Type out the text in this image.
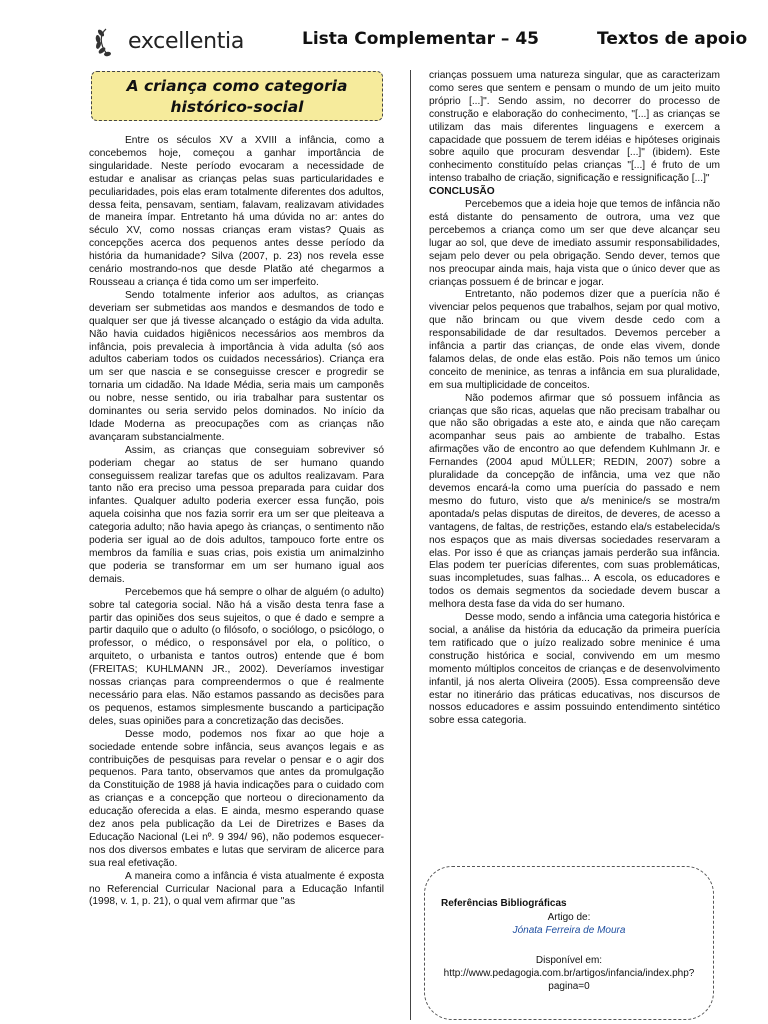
excellentia	Lista Complementar – 45	Textos de apoio
A criança como categoria
histórico-social

Entre os séculos XV a XVIII a infância, como a concebemos hoje, começou a ganhar importância de singularidade. Neste período evocaram a necessidade de estudar e analisar as crianças pelas suas particularidades e peculiaridades, pois elas eram totalmente diferentes dos adultos, dessa feita, pensavam, sentiam, falavam, realizavam atividades de maneira ímpar. Entretanto há uma dúvida no ar: antes do século XV, como nossas crianças eram vistas? Quais as concepções acerca dos pequenos antes desse período da história da humanidade? Silva (2007, p. 23) nos revela esse cenário mostrando-nos que desde Platão até chegarmos a Rousseau a criança é tida como um ser imperfeito.

Sendo totalmente inferior aos adultos, as crianças deveriam ser submetidas aos mandos e desmandos de todo e qualquer ser que já tivesse alcançado o estágio da vida adulta. Não havia cuidados higiênicos necessários aos membros da infância, pois prevalecia à importância à vida adulta (só aos adultos caberiam todos os cuidados necessários). Criança era um ser que nascia e se conseguisse crescer e progredir se tornaria um cidadão. Na Idade Média, seria mais um camponês ou nobre, nesse sentido, ou iria trabalhar para sustentar os dominantes ou seria servido pelos dominados. No início da Idade Moderna as preocupações com as crianças não avançaram substancialmente.

Assim, as crianças que conseguiam sobreviver só poderiam chegar ao status de ser humano quando conseguissem realizar tarefas que os adultos realizavam. Para tanto não era preciso uma pessoa preparada para cuidar dos infantes. Qualquer adulto poderia exercer essa função, pois aquela coisinha que nos fazia sorrir era um ser que pleiteava a categoria adulto; não havia apego às crianças, o sentimento não poderia ser igual ao de dois adultos, tampouco forte entre os membros da família e suas crias, pois existia um animalzinho que poderia se transformar em um ser humano igual aos demais.

Percebemos que há sempre o olhar de alguém (o adulto) sobre tal categoria social. Não há a visão desta tenra fase a partir das opiniões dos seus sujeitos, o que é dado e sempre a partir daquilo que o adulto (o filósofo, o sociólogo, o psicólogo, o professor, o médico, o responsável por ela, o político, o arquiteto, o urbanista e tantos outros) entende que é bom (FREITAS; KUHLMANN JR., 2002). Deveríamos investigar nossas crianças para compreendermos o que é realmente necessário para elas. Não estamos passando as decisões para os pequenos, estamos simplesmente buscando a participação deles, suas opiniões para a concretização das decisões.

Desse modo, podemos nos fixar ao que hoje a sociedade entende sobre infância, seus avanços legais e as contribuições de pesquisas para revelar o pensar e o agir dos pequenos. Para tanto, observamos que antes da promulgação da Constituição de 1988 já havia indicações para o cuidado com as crianças e a concepção que norteou o direcionamento da educação oferecida a elas. E ainda, mesmo esperando quase dez anos pela publicação da Lei de Diretrizes e Bases da Educação Nacional (Lei nº. 9 394/ 96), não podemos esquecer-nos dos diversos embates e lutas que serviram de alicerce para sua real efetivação.

A maneira como a infância é vista atualmente é exposta no Referencial Curricular Nacional para a Educação Infantil (1998, v. 1, p. 21), o qual vem afirmar que "as

crianças possuem uma natureza singular, que as caracterizam como seres que sentem e pensam o mundo de um jeito muito próprio [...]". Sendo assim, no decorrer do processo de construção e elaboração do conhecimento, "[...] as crianças se utilizam das mais diferentes linguagens e exercem a capacidade que possuem de terem idéias e hipóteses originais sobre aquilo que procuram desvendar [...]" (ibidem). Este conhecimento constituído pelas crianças "[...] é fruto de um intenso trabalho de criação, significação e ressignificação [...]"

CONCLUSÃO

Percebemos que a ideia hoje que temos de infância não está distante do pensamento de outrora, uma vez que percebemos a criança como um ser que deve alcançar seu lugar ao sol, que deve de imediato assumir responsabilidades, sejam pelo dever ou pela obrigação. Sendo dever, temos que nos preocupar ainda mais, haja vista que o único dever que as crianças possuem é de brincar e jogar.

Entretanto, não podemos dizer que a puerícia não é vivenciar pelos pequenos que trabalhos, sejam por qual motivo, que não brincam ou que vivem desde cedo com a responsabilidade de dar resultados. Devemos perceber a infância a partir das crianças, de onde elas vivem, donde falamos delas, de onde elas estão. Pois não temos um único conceito de meninice, as tenras a infância em sua pluralidade, em sua multiplicidade de conceitos.

Não podemos afirmar que só possuem infância as crianças que são ricas, aquelas que não precisam trabalhar ou que não são obrigadas a este ato, e ainda que não careçam acompanhar seus pais ao ambiente de trabalho. Estas afirmações vão de encontro ao que defendem Kuhlmann Jr. e Fernandes (2004 apud MÜLLER; REDIN, 2007) sobre a pluralidade da concepção de infância, uma vez que não devemos encará-la como uma puerícia do passado e nem mesmo do futuro, visto que a/s meninice/s se mostra/m apontada/s pelas disputas de direitos, de deveres, de acesso a vantagens, de faltas, de restrições, estando ela/s estabelecida/s nos espaços que as mais diversas sociedades reservaram a elas. Por isso é que as crianças jamais perderão sua infância. Elas podem ter puerícias diferentes, com suas problemáticas, suas incompletudes, suas falhas... A escola, os educadores e todos os demais segmentos da sociedade devem buscar a melhora desta fase da vida do ser humano.

Desse modo, sendo a infância uma categoria histórica e social, a análise da história da educação da primeira puerícia tem ratificado que o juízo realizado sobre meninice é uma construção histórica e social, convivendo em um mesmo momento múltiplos conceitos de crianças e de desenvolvimento infantil, já nos alerta Oliveira (2005). Essa compreensão deve estar no itinerário das práticas educativas, nos discursos de nossos educadores e assim possuindo entendimento sintético sobre essa categoria.

Referências Bibliográficas
Artigo de:
Jónata Ferreira de Moura
Disponível em:
http://www.pedagogia.com.br/artigos/infancia/index.php?
pagina=0
